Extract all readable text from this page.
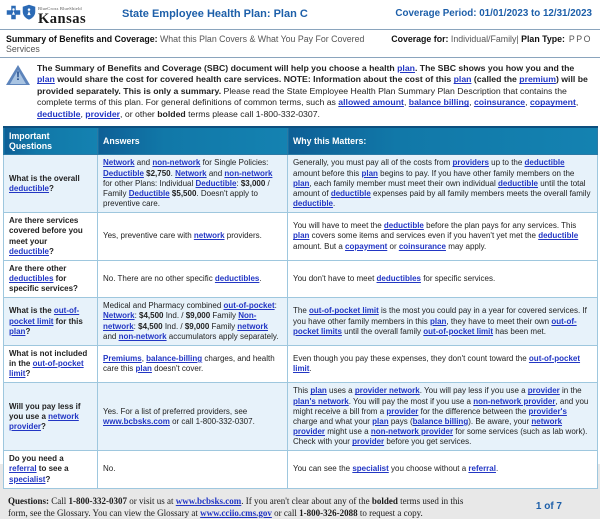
BlueCross BlueShield
Kansas	State Employee Health Plan: Plan C	Coverage Period: 01/01/2023 to 12/31/2023
Summary of Benefits and Coverage: What this Plan Covers & What You Pay For Covered Services
Coverage for: Individual/Family| Plan Type: PPO
!
The Summary of Benefits and Coverage (SBC) document will help you choose a health plan. The SBC shows you how you and the plan would share the cost for covered health care services. NOTE: Information about the cost of this plan (called the premium) will be provided separately. This is only a summary. Please read the State Employee Health Plan Summary Plan Description that contains the complete terms of this plan. For general definitions of common terms, such as allowed amount, balance billing, coinsurance, copayment, deductible, provider, or other bolded terms please call 1-800-332-0307.
Important Questions	Answers	Why this Matters:
What is the overall deductible?	Network and non-network for Single Policies: Deductible $2,750. Network and non-network for other Plans: Individual Deductible: $3,000 / Family Deductible $5,500. Doesn't apply to preventive care.	Generally, you must pay all of the costs from providers up to the deductible amount before this plan begins to pay. If you have other family members on the plan, each family member must meet their own individual deductible until the total amount of deductible expenses paid by all family members meets the overall family deductible.
Are there services covered before you meet your deductible?	Yes, preventive care with network providers.	You will have to meet the deductible before the plan pays for any services. This plan covers some items and services even if you haven't yet met the deductible amount. But a copayment or coinsurance may apply.
Are there other deductibles for specific services?	No. There are no other specific deductibles.	You don't have to meet deductibles for specific services.
What is the out-of-pocket limit for this plan?	Medical and Pharmacy combined out-of-pocket: Network: $4,500 Ind. / $9,000 Family Non-network: $4,500 Ind. / $9,000 Family network and non-network accumulators apply separately.	The out-of-pocket limit is the most you could pay in a year for covered services. If you have other family members in this plan, they have to meet their own out-of-pocket limits until the overall family out-of-pocket limit has been met.
What is not included in the out-of-pocket limit?	Premiums, balance-billing charges, and health care this plan doesn't cover.	Even though you pay these expenses, they don't count toward the out-of-pocket limit.
Will you pay less if you use a network provider?	Yes. For a list of preferred providers, see www.bcbsks.com or call 1-800-332-0307.	This plan uses a provider network. You will pay less if you use a provider in the plan's network. You will pay the most if you use a non-network provider, and you might receive a bill from a provider for the difference between the provider's charge and what your plan pays (balance billing). Be aware, your network provider might use a non-network provider for some services (such as lab work). Check with your provider before you get services.
Do you need a referral to see a specialist?	No.	You can see the specialist you choose without a referral.
Questions: Call 1-800-332-0307 or visit us at www.bcbsks.com. If you aren't clear about any of the bolded terms used in this form, see the Glossary. You can view the Glossary at www.cciio.cms.gov or call 1-800-326-2088 to request a copy.
1 of 7
